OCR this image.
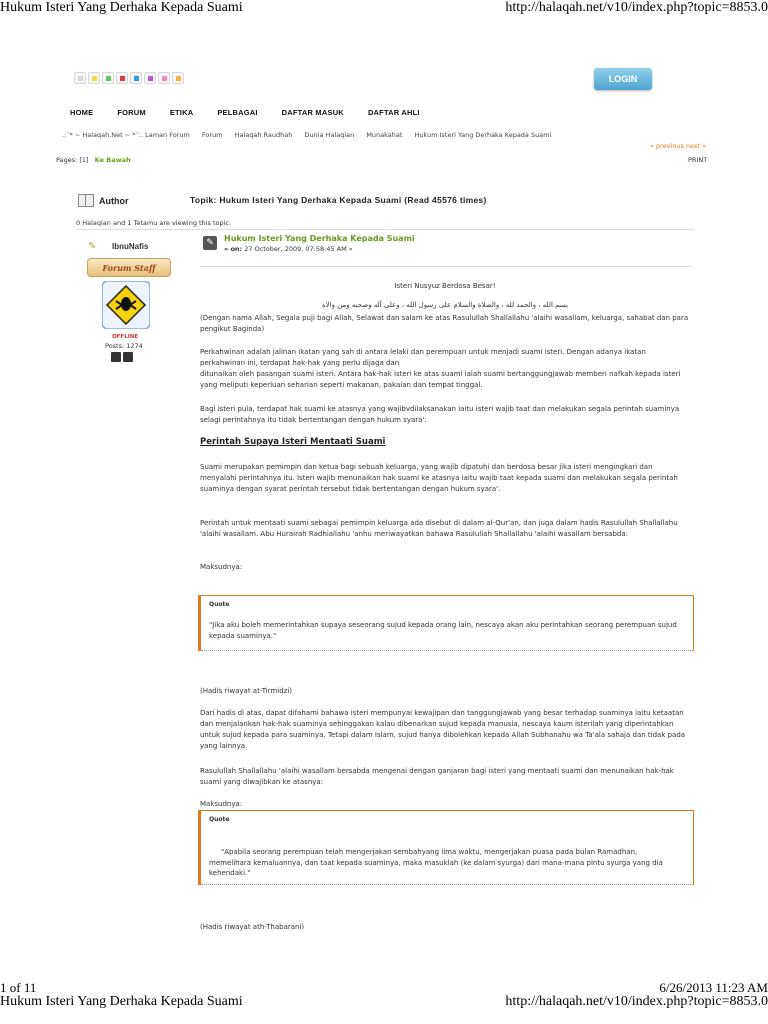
Hukum Isteri Yang Derhaka Kepada Suami	http://halaqah.net/v10/index.php?topic=8853.0
LOGIN
HOME	FORUM	ETIKA	PELBAGAI	DAFTAR MASUK	DAFTAR AHLI
.:¨* ~ Halaqah.Net ~ *¨:. Laman Forum Forum Halaqah Raudhah Dunia Halaqian Munakahat Hukum Isteri Yang Derhaka Kepada Suami
« previous next »
Pages: [1] Ke Bawah	PRINT
Author	Topik: Hukum Isteri Yang Derhaka Kepada Suami (Read 45576 times)
0 Halaqian and 1 Tetamu are viewing this topic.
✎ IbnuNafis
Forum Staff
OFFLINE
Posts: 1274
✎	Hukum Isteri Yang Derhaka Kepada Suami
« on: 27 October, 2009, 07:58:45 AM »

Isteri Nusyuz Berdosa Besar!

بسم الله ، والحمد لله ، والصلاة والسلام على رسول الله ، وعلى آله وصحبه ومن والاه

(Dengan nama Allah, Segala puji bagi Allah, Selawat dan salam ke atas Rasulullah Shallallahu 'alaihi wasallam, keluarga, sahabat dan para pengikut Baginda)

Perkahwinan adalah jalinan ikatan yang sah di antara lelaki dan perempuan untuk menjadi suami isteri. Dengan adanya ikatan perkahwinan ini, terdapat hak-hak yang perlu dijaga dan

ditunaikan oleh pasangan suami isteri. Antara hak-hak isteri ke atas suami ialah suami bertanggungjawab memberi nafkah kepada isteri yang meliputi keperluan seharian seperti makanan, pakaian dan tempat tinggal.

Bagi isteri pula, terdapat hak suami ke atasnya yang wajibvdilaksanakan iaitu isteri wajib taat dan melakukan segala perintah suaminya selagi perintahnya itu tidak bertentangan dengan hukum syara'.

Perintah Supaya Isteri Mentaati Suami

Suami merupakan pemimpin dan ketua bagi sebuah keluarga, yang wajib dipatuhi dan berdosa besar jika isteri mengingkari dan menyalahi perintahnya itu. Isteri wajib menunaikan hak suami ke atasnya iaitu wajib taat kepada suami dan melakukan segala perintah suaminya dengan syarat perintah tersebut tidak bertentangan dengan hukum syara'.

Perintah untuk mentaati suami sebagai pemimpin keluarga ada disebut di dalam al-Qur'an, dan juga dalam hadis Rasulullah Shallallahu 'alaihi wasallam. Abu Hurairah Radhiallahu 'anhu meriwayatkan bahawa Rasulullah Shallallahu 'alaihi wasallam bersabda:

Maksudnya:

Quote
"Jika aku boleh memerintahkan supaya seseorang sujud kepada orang lain, nescaya akan aku perintahkan seorang perempuan sujud kepada suaminya."

(Hadis riwayat at-Tirmidzi)

Dari hadis di atas, dapat difahami bahawa isteri mempunyai kewajipan dan tanggungjawab yang besar terhadap suaminya iaitu ketaatan dan menjalankan hak-hak suaminya sehinggakan kalau dibenarkan sujud kepada manusia, nescaya kaum isterilah yang diperintahkan untuk sujud kepada para suaminya. Tetapi dalam Islam, sujud hanya dibolehkan kepada Allah Subhanahu wa Ta'ala sahaja dan tidak pada yang lainnya.

Rasulullah Shallallahu 'alaihi wasallam bersabda mengenai dengan ganjaran bagi isteri yang mentaati suami dan menunaikan hak-hak suami yang diwajibkan ke atasnya:

Maksudnya:

Quote
"Apabila seorang perempuan telah mengerjakan sembahyang lima waktu, mengerjakan puasa pada bulan Ramadhan, memelihara kemaluannya, dan taat kepada suaminya, maka masuklah (ke dalam syurga) dari mana-mana pintu syurga yang dia kehendaki."

(Hadis riwayat ath-Thabarani)

1 of 11	6/26/2013 11:23 AM
Hukum Isteri Yang Derhaka Kepada Suami	http://halaqah.net/v10/index.php?topic=8853.0
